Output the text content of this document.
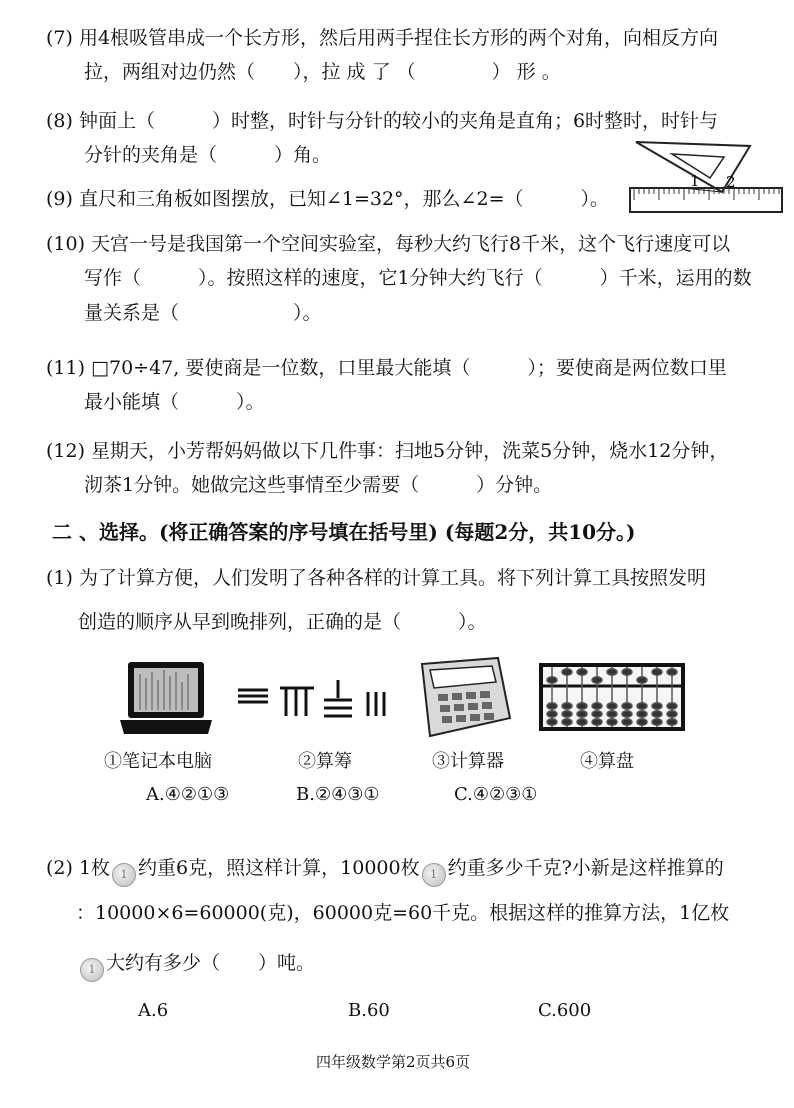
(7) 用4根吸管串成一个长方形，然后用两手捏住长方形的两个对角，向相反方向
拉，两组对边仍然（　　），拉 成 了 （　　　　） 形 。
(8) 钟面上（　　　）时整，时针与分针的较小的夹角是直角；6时整时，时针与
分针的夹角是（　　　）角。
1 2
(9) 直尺和三角板如图摆放，已知∠1=32°，那么∠2=（　　　）。
(10) 天宫一号是我国第一个空间实验室，每秒大约飞行8千米，这个飞行速度可以
写作（　　　）。按照这样的速度，它1分钟大约飞行（　　　）千米，运用的数
量关系是（　　　　　　）。
(11) □70÷47, 要使商是一位数，口里最大能填（　　　）；要使商是两位数口里
最小能填（　　　）。
(12) 星期天，小芳帮妈妈做以下几件事：扫地5分钟，洗菜5分钟，烧水12分钟，
沏茶1分钟。她做完这些事情至少需要（　　　）分钟。
二 、选择。(将正确答案的序号填在括号里) (每题2分，共10分。)
(1) 为了计算方便，人们发明了各种各样的计算工具。将下列计算工具按照发明
创造的顺序从早到晚排列，正确的是（　　　）。
①笔记本电脑	②算筹	③计算器	④算盘
A.④②①③	B.②④③①	C.④②③①
(2) 1枚 1 约重6克，照这样计算，10000枚 1 约重多少千克?小新是这样推算的
：10000×6=60000(克)，60000克=60千克。根据这样的推算方法，1亿枚
1 大约有多少（　　）吨。
A.6	B.60	C.600
四年级数学第2页共6页
